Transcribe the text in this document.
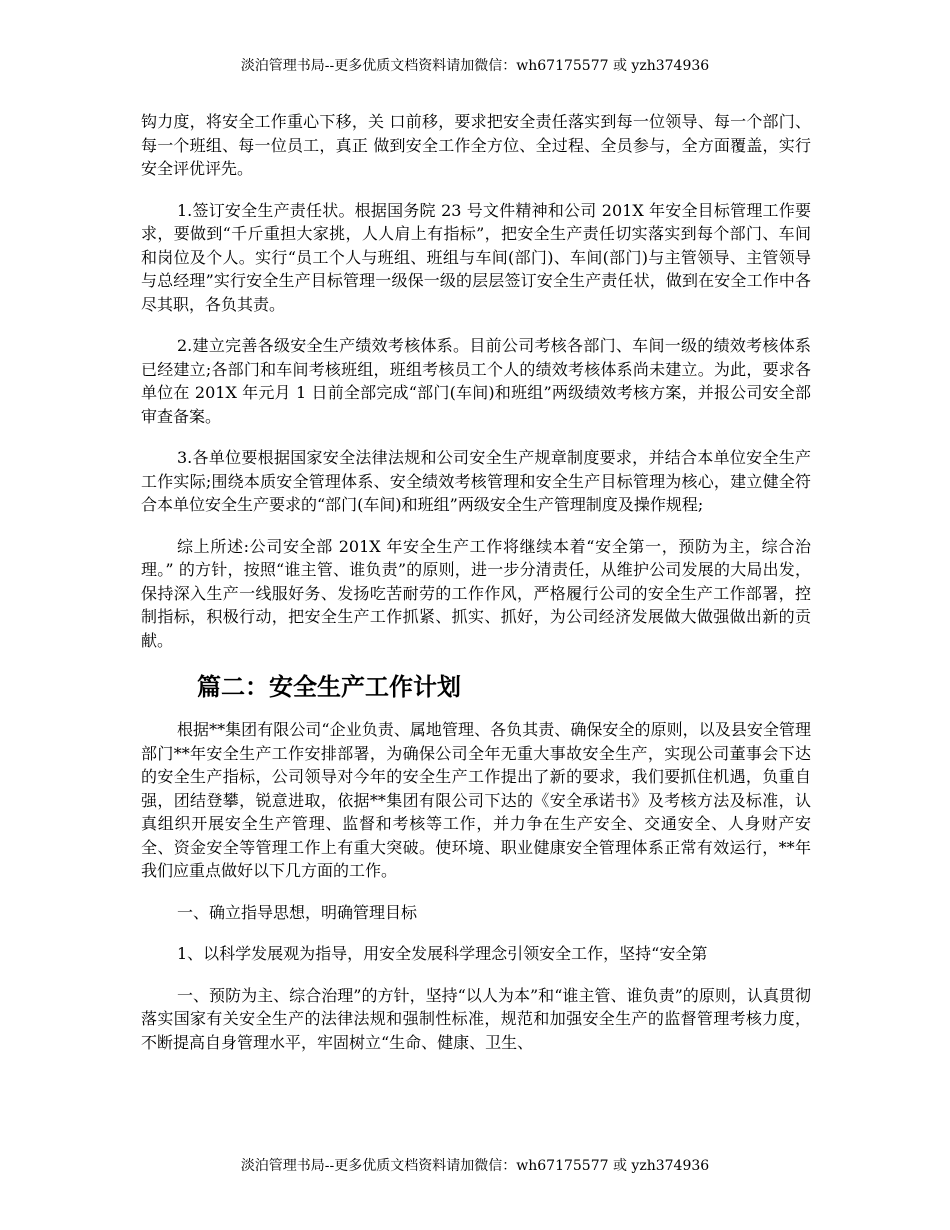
淡泊管理书局--更多优质文档资料请加微信：wh67175577 或 yzh374936

钩力度，将安全工作重心下移，关 口前移，要求把安全责任落实到每一位领导、每一个部门、每一个班组、每一位员工，真正 做到安全工作全方位、全过程、全员参与，全方面覆盖，实行安全评优评先。

1.签订安全生产责任状。根据国务院 23 号文件精神和公司 201X 年安全目标管理工作要求，要做到“千斤重担大家挑，人人肩上有指标”，把安全生产责任切实落实到每个部门、车间和岗位及个人。实行“员工个人与班组、班组与车间(部门)、车间(部门)与主管领导、主管领导与总经理”实行安全生产目标管理一级保一级的层层签订安全生产责任状，做到在安全工作中各尽其职，各负其责。

2.建立完善各级安全生产绩效考核体系。目前公司考核各部门、车间一级的绩效考核体系已经建立;各部门和车间考核班组，班组考核员工个人的绩效考核体系尚未建立。为此，要求各单位在 201X 年元月 1 日前全部完成“部门(车间)和班组”两级绩效考核方案，并报公司安全部审查备案。

3.各单位要根据国家安全法律法规和公司安全生产规章制度要求，并结合本单位安全生产工作实际;围绕本质安全管理体系、安全绩效考核管理和安全生产目标管理为核心，建立健全符合本单位安全生产要求的“部门(车间)和班组”两级安全生产管理制度及操作规程;

综上所述:公司安全部 201X 年安全生产工作将继续本着“安全第一，预防为主，综合治理。” 的方针，按照“谁主管、谁负责”的原则，进一步分清责任，从维护公司发展的大局出发，保持深入生产一线服好务、发扬吃苦耐劳的工作作风，严格履行公司的安全生产工作部署，控制指标，积极行动，把安全生产工作抓紧、抓实、抓好，为公司经济发展做大做强做出新的贡献。

篇二：安全生产工作计划

根据**集团有限公司“企业负责、属地管理、各负其责、确保安全的原则，以及县安全管理部门**年安全生产工作安排部署，为确保公司全年无重大事故安全生产，实现公司董事会下达的安全生产指标，公司领导对今年的安全生产工作提出了新的要求，我们要抓住机遇，负重自强，团结登攀，锐意进取，依据**集团有限公司下达的《安全承诺书》及考核方法及标准，认真组织开展安全生产管理、监督和考核等工作，并力争在生产安全、交通安全、人身财产安全、资金安全等管理工作上有重大突破。使环境、职业健康安全管理体系正常有效运行，**年我们应重点做好以下几方面的工作。

一、确立指导思想，明确管理目标

1、以科学发展观为指导，用安全发展科学理念引领安全工作，坚持“安全第

一、预防为主、综合治理”的方针，坚持“以人为本”和“谁主管、谁负责”的原则，认真贯彻落实国家有关安全生产的法律法规和强制性标准，规范和加强安全生产的监督管理考核力度，不断提高自身管理水平，牢固树立“生命、健康、卫生、

淡泊管理书局--更多优质文档资料请加微信：wh67175577 或 yzh374936
